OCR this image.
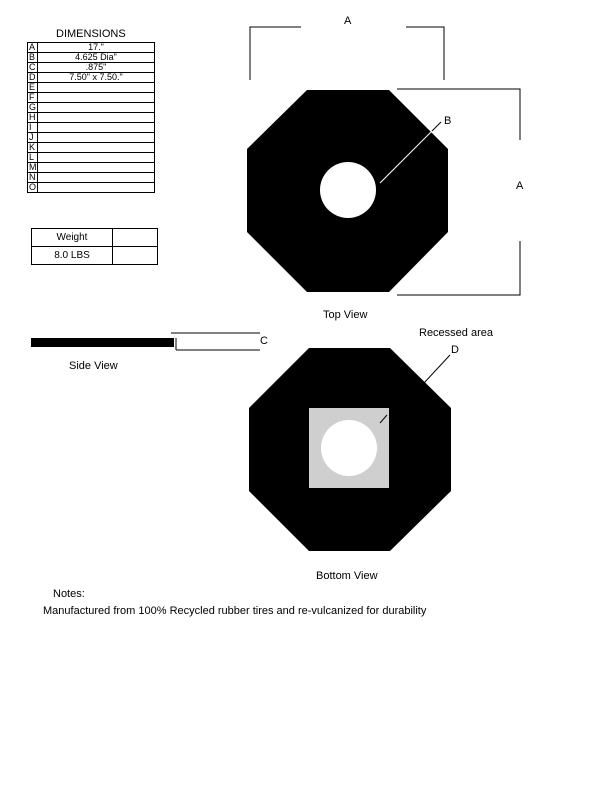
DIMENSIONS
A	17."
B	4.625 Dia"
C	.875"
D	7.50" x 7.50."
E	
F	
G	
H	
I	
J	
K	
L	
M	
N	
O	
Weight	
8.0 LBS	
A
A
B
Top View
C
Side View
Recessed area
D
Bottom View
Notes:
Manufactured from 100% Recycled rubber tires and re-vulcanized for durability
